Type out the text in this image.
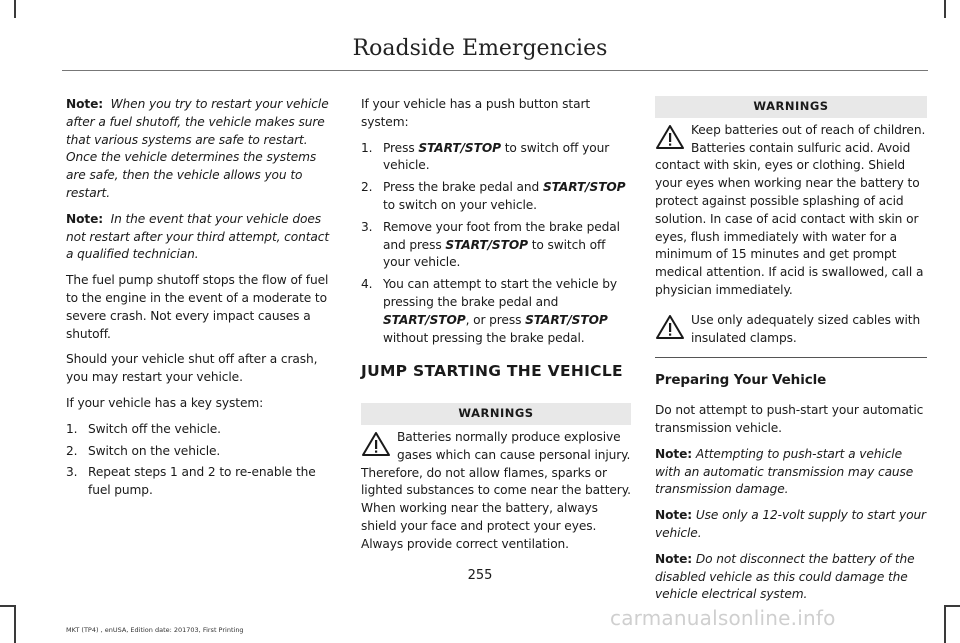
Roadside Emergencies

Note: When you try to restart your vehicle after a fuel shutoff, the vehicle makes sure that various systems are safe to restart. Once the vehicle determines the systems are safe, then the vehicle allows you to restart.

Note: In the event that your vehicle does not restart after your third attempt, contact a qualified technician.

The fuel pump shutoff stops the flow of fuel to the engine in the event of a moderate to severe crash. Not every impact causes a shutoff.

Should your vehicle shut off after a crash, you may restart your vehicle.

If your vehicle has a key system:

1. Switch off the vehicle.
2. Switch on the vehicle.
3. Repeat steps 1 and 2 to re-enable the fuel pump.

If your vehicle has a push button start system:

1. Press START/STOP to switch off your vehicle.
2. Press the brake pedal and START/STOP to switch on your vehicle.
3. Remove your foot from the brake pedal and press START/STOP to switch off your vehicle.
4. You can attempt to start the vehicle by pressing the brake pedal and START/STOP, or press START/STOP without pressing the brake pedal.
JUMP STARTING THE VEHICLE
WARNINGS

Batteries normally produce explosive gases which can cause personal injury. Therefore, do not allow flames, sparks or lighted substances to come near the battery. When working near the battery, always shield your face and protect your eyes. Always provide correct ventilation.

WARNINGS

Keep batteries out of reach of children. Batteries contain sulfuric acid. Avoid contact with skin, eyes or clothing. Shield your eyes when working near the battery to protect against possible splashing of acid solution. In case of acid contact with skin or eyes, flush immediately with water for a minimum of 15 minutes and get prompt medical attention. If acid is swallowed, call a physician immediately.

Use only adequately sized cables with insulated clamps.

Preparing Your Vehicle

Do not attempt to push-start your automatic transmission vehicle.

Note: Attempting to push-start a vehicle with an automatic transmission may cause transmission damage.

Note: Use only a 12-volt supply to start your vehicle.

Note: Do not disconnect the battery of the disabled vehicle as this could damage the vehicle electrical system.

255
MKT (TP4) , enUSA, Edition date: 201703, First Printing	carmanualsonline.info
